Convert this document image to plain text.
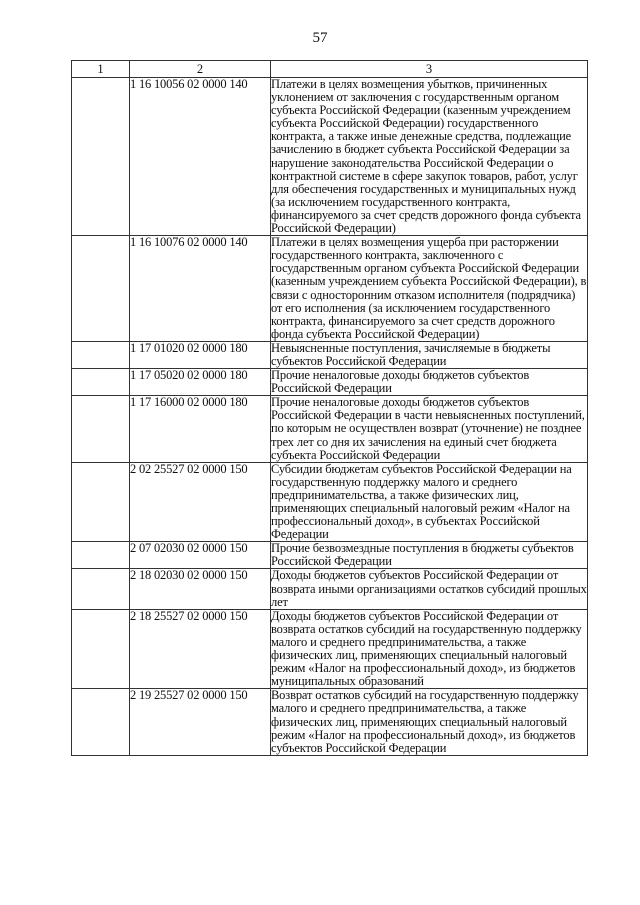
57
1	2	3
	1 16 10056 02 0000 140	Платежи в целях возмещения убытков, причиненных уклонением от заключения с государственным органом субъекта Российской Федерации (казенным учреждением субъекта Российской Федерации) государственного контракта, а также иные денежные средства, подлежащие зачислению в бюджет субъекта Российской Федерации за нарушение законодательства Российской Федерации о контрактной системе в сфере закупок товаров, работ, услуг для обеспечения государственных и муниципальных нужд (за исключением государственного контракта, финансируемого за счет средств дорожного фонда субъекта Российской Федерации)
	1 16 10076 02 0000 140	Платежи в целях возмещения ущерба при расторжении государственного контракта, заключенного с государственным органом субъекта Российской Федерации (казенным учреждением субъекта Российской Федерации), в связи с односторонним отказом исполнителя (подрядчика) от его исполнения (за исключением государственного контракта, финансируемого за счет средств дорожного фонда субъекта Российской Федерации)
	1 17 01020 02 0000 180	Невыясненные поступления, зачисляемые в бюджеты субъектов Российской Федерации
	1 17 05020 02 0000 180	Прочие неналоговые доходы бюджетов субъектов Российской Федерации
	1 17 16000 02 0000 180	Прочие неналоговые доходы бюджетов субъектов Российской Федерации в части невыясненных поступлений, по которым не осуществлен возврат (уточнение) не позднее трех лет со дня их зачисления на единый счет бюджета субъекта Российской Федерации
	2 02 25527 02 0000 150	Субсидии бюджетам субъектов Российской Федерации на государственную поддержку малого и среднего предпринимательства, а также физических лиц, применяющих специальный налоговый режим «Налог на профессиональный доход», в субъектах Российской Федерации
	2 07 02030 02 0000 150	Прочие безвозмездные поступления в бюджеты субъектов Российской Федерации
	2 18 02030 02 0000 150	Доходы бюджетов субъектов Российской Федерации от возврата иными организациями остатков субсидий прошлых лет
	2 18 25527 02 0000 150	Доходы бюджетов субъектов Российской Федерации от возврата остатков субсидий на государственную поддержку малого и среднего предпринимательства, а также физических лиц, применяющих специальный налоговый режим «Налог на профессиональный доход», из бюджетов муниципальных образований
	2 19 25527 02 0000 150	Возврат остатков субсидий на государственную поддержку малого и среднего предпринимательства, а также физических лиц, применяющих специальный налоговый режим «Налог на профессиональный доход», из бюджетов субъектов Российской Федерации
